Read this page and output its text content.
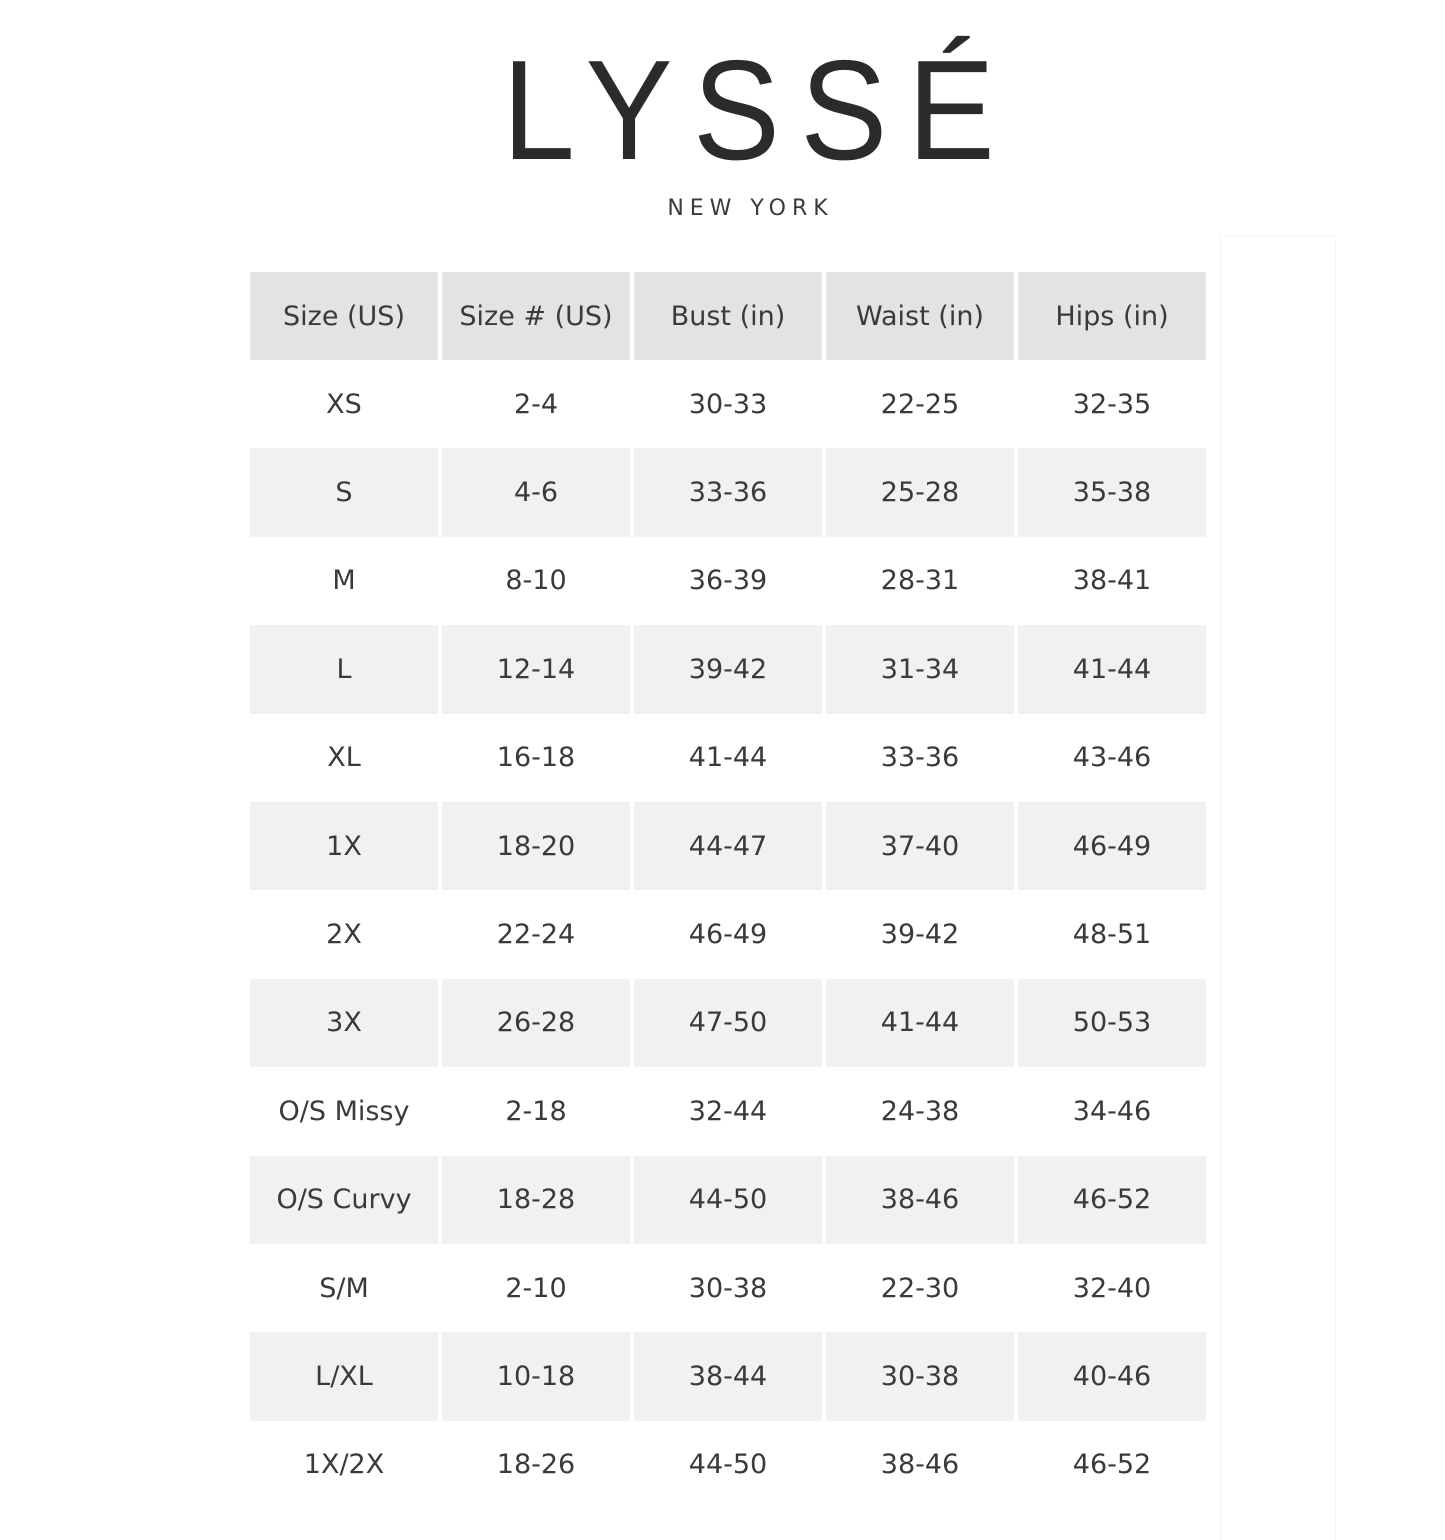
LYSSÉ
NEW YORK
Size (US)	Size # (US)	Bust (in)	Waist (in)	Hips (in)
XS	2-4	30-33	22-25	32-35
S	4-6	33-36	25-28	35-38
M	8-10	36-39	28-31	38-41
L	12-14	39-42	31-34	41-44
XL	16-18	41-44	33-36	43-46
1X	18-20	44-47	37-40	46-49
2X	22-24	46-49	39-42	48-51
3X	26-28	47-50	41-44	50-53
O/S Missy	2-18	32-44	24-38	34-46
O/S Curvy	18-28	44-50	38-46	46-52
S/M	2-10	30-38	22-30	32-40
L/XL	10-18	38-44	30-38	40-46
1X/2X	18-26	44-50	38-46	46-52
